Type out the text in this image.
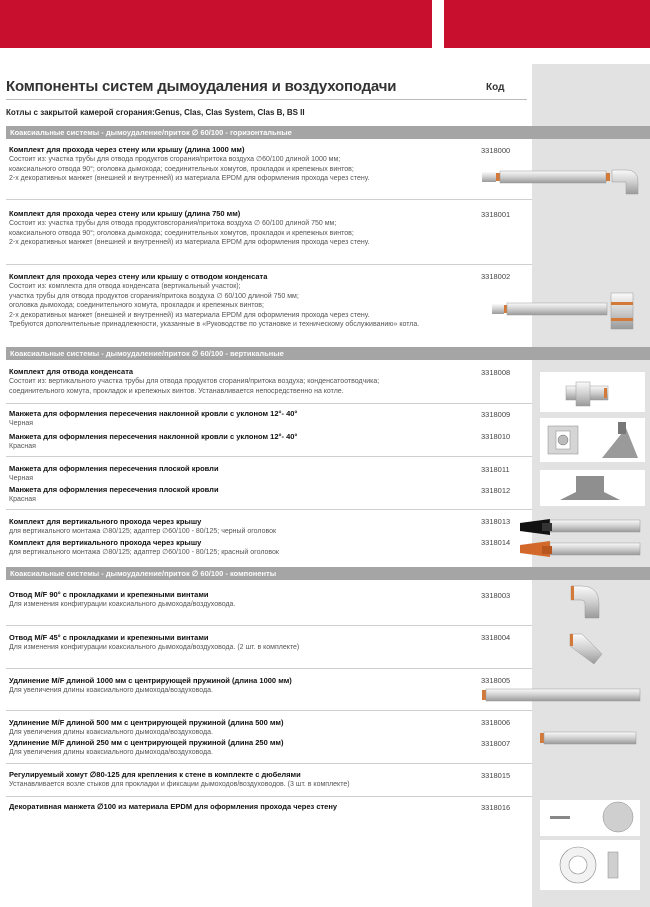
Компоненты систем дымоудаления и воздухоподачи	Код
Котлы с закрытой камерой сгорания:Genus, Clas, Clas System, Clas B, BS II
Коаксиальные системы - дымоудаление/приток ∅ 60/100 - горизонтальные
Коаксиальные системы - дымоудаление/приток ∅ 60/100 - вертикальные
Коаксиальные системы - дымоудаление/приток ∅ 60/100 - компоненты
Комплект для прохода через стену или крышу (длина 1000 мм)
Состоит из: участка трубы для отвода продуктов сгорания/притока воздуха ∅60/100 длиной 1000 мм;
коаксиального отвода 90°; оголовка дымохода; соединительных хомутов, прокладок и крепежных винтов;
2-х декоративных манжет (внешней и внутренней) из материала EPDM для оформления прохода через стену.
3318000
Комплект для прохода через стену или крышу (длина 750 мм)
Состоит из: участка трубы для отвода продуктовсгорания/притока воздуха ∅ 60/100 длиной 750 мм;
коаксиального отвода 90°; оголовка дымохода; соединительных хомутов, прокладок и крепежных винтов;
2-х декоративных манжет (внешней и внутренней) из материала EPDM для оформления прохода через стену.
3318001
Комплект для прохода через стену или крышу с отводом конденсата
Состоит из: комплекта для отвода конденсата (вертикальный участок);
участка трубы для отвода продуктов сгорания/притока воздуха ∅ 60/100 длиной 750 мм;
оголовка дымохода; соединительного хомута, прокладок и крепежных винтов;
2-х декоративных манжет (внешней и внутренней) из материала EPDM для оформления прохода через стену.
Требуются дополнительные принадлежности, указанные в «Руководстве по установке и техническому обслуживанию» котла.
3318002
Комплект для отвода конденсата
Состоит из: вертикального участка трубы для отвода продуктов сгорания/притока воздуха; конденсатоотводчика;
соединительного хомута, прокладок и крепежных винтов. Устанавливается непосредственно на котле.
3318008
Манжета для оформления пересечения наклонной кровли с уклоном 12°- 40°
Черная
3318009
Манжета для оформления пересечения наклонной кровли с уклоном 12°- 40°
Красная
3318010
Манжета для оформления пересечения плоской кровли
Черная
3318011
Манжета для оформления пересечения плоской кровли
Красная
3318012
Комплект для вертикального прохода через крышу
для вертикального монтажа ∅80/125; адаптер ∅60/100 - 80/125; черный оголовок
3318013
Комплект для вертикального прохода через крышу
для вертикального монтажа ∅80/125; адаптер ∅60/100 - 80/125; красный оголовок
3318014
Отвод M/F 90° с прокладками и крепежными винтами
Для изменения конфигурации коаксиального дымохода/воздуховода.
3318003
Отвод M/F 45° с прокладками и крепежными винтами
Для изменения конфигурации коаксиального дымохода/воздуховода. (2 шт. в комплекте)
3318004
Удлинение M/F длиной 1000 мм с центрирующей пружиной (длина 1000 мм)
Для увеличения длины коаксиального дымохода/воздуховода.
3318005
Удлинение M/F длиной 500 мм с центрирующей пружиной (длина 500 мм)
Для увеличения длины коаксиального дымохода/воздуховода.
3318006
Удлинение M/F длиной 250 мм с центрирующей пружиной (длина 250 мм)
Для увеличения длины коаксиального дымохода/воздуховода.
3318007
Регулируемый хомут ∅80-125 для крепления к стене в комплекте с дюбелями
Устанавливается возле стыков для прокладки и фиксации дымоходов/воздуховодов. (3 шт. в комплекте)
3318015
Декоративная манжета ∅100 из материала EPDM для оформления прохода через стену	3318016
